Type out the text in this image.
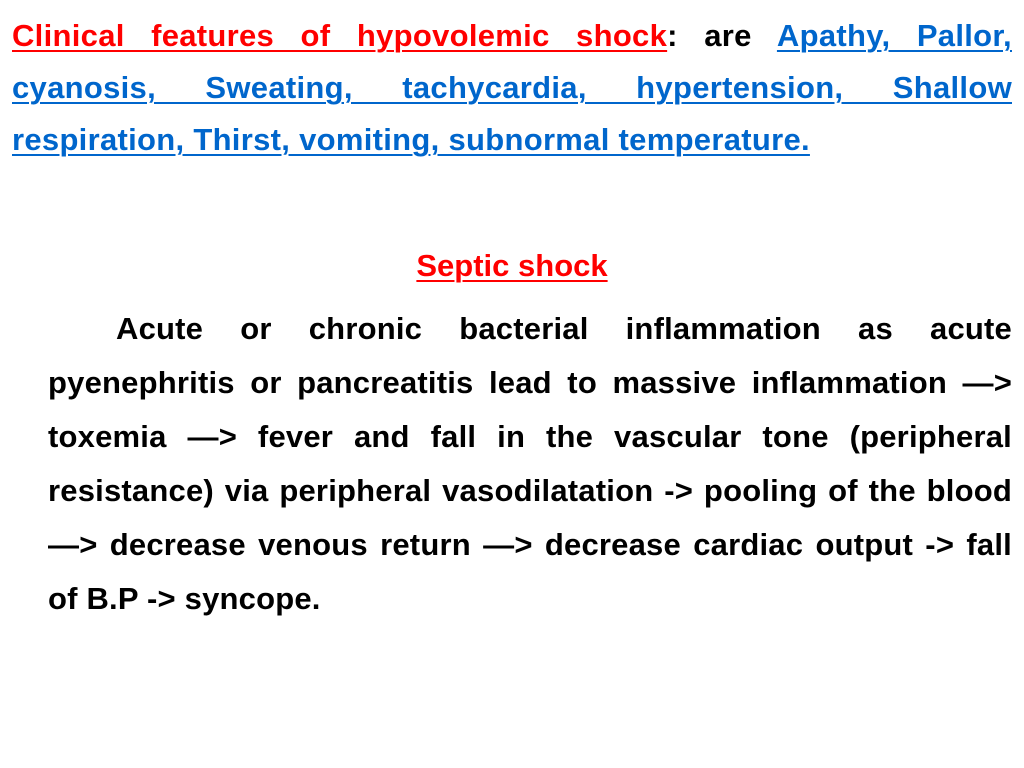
Clinical features of hypovolemic shock: are Apathy, Pallor, cyanosis, Sweating, tachycardia, hypertension, Shallow respiration, Thirst, vomiting, subnormal temperature.

Septic shock

Acute or chronic bacterial inflammation as acute pyenephritis or pancreatitis lead to massive inflammation —> toxemia —> fever and fall in the vascular tone (peripheral resistance) via peripheral vasodilatation -> pooling of the blood —> decrease venous return —> decrease cardiac output -> fall of B.P -> syncope.
